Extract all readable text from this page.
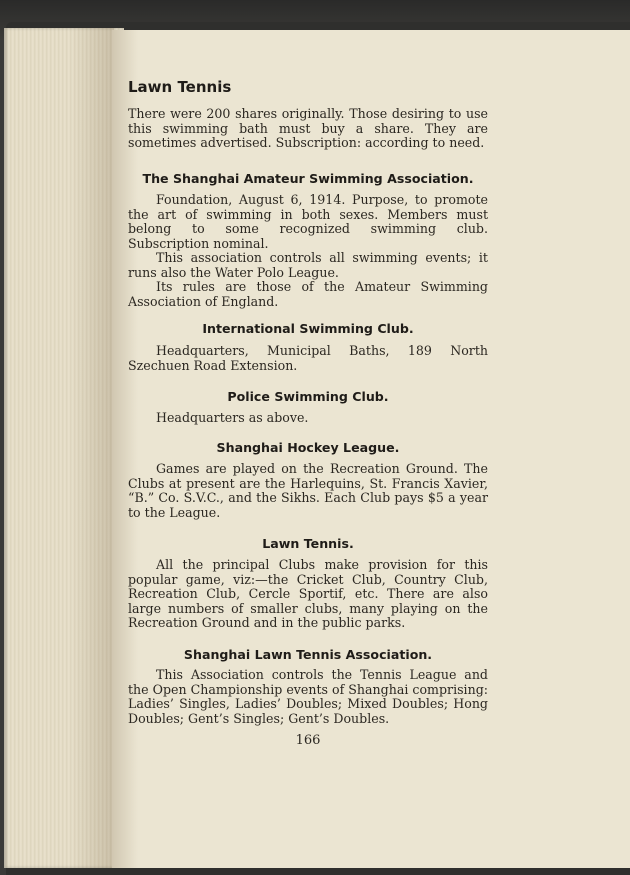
Lawn Tennis

There were 200 shares originally. Those desiring to use this swimming bath must buy a share. They are sometimes advertised. Subscription: according to need.

The Shanghai Amateur Swimming Association.

Foundation, August 6, 1914. Purpose, to promote the art of swimming in both sexes. Members must belong to some recognized swimming club. Subscription nominal.

This association controls all swimming events; it runs also the Water Polo League.

Its rules are those of the Amateur Swimming Association of England.

International Swimming Club.

Headquarters, Municipal Baths, 189 North Szechuen Road Extension.

Police Swimming Club.

Headquarters as above.

Shanghai Hockey League.

Games are played on the Recreation Ground. The Clubs at present are the Harlequins, St. Francis Xavier, “B.” Co. S.V.C., and the Sikhs. Each Club pays $5 a year to the League.

Lawn Tennis.

All the principal Clubs make provision for this popular game, viz:—the Cricket Club, Country Club, Recreation Club, Cercle Sportif, etc. There are also large numbers of smaller clubs, many playing on the Recreation Ground and in the public parks.

Shanghai Lawn Tennis Association.

This Association controls the Tennis League and the Open Championship events of Shanghai comprising: Ladies’ Singles, Ladies’ Doubles; Mixed Doubles; Hong Doubles; Gent’s Singles; Gent’s Doubles.

166
